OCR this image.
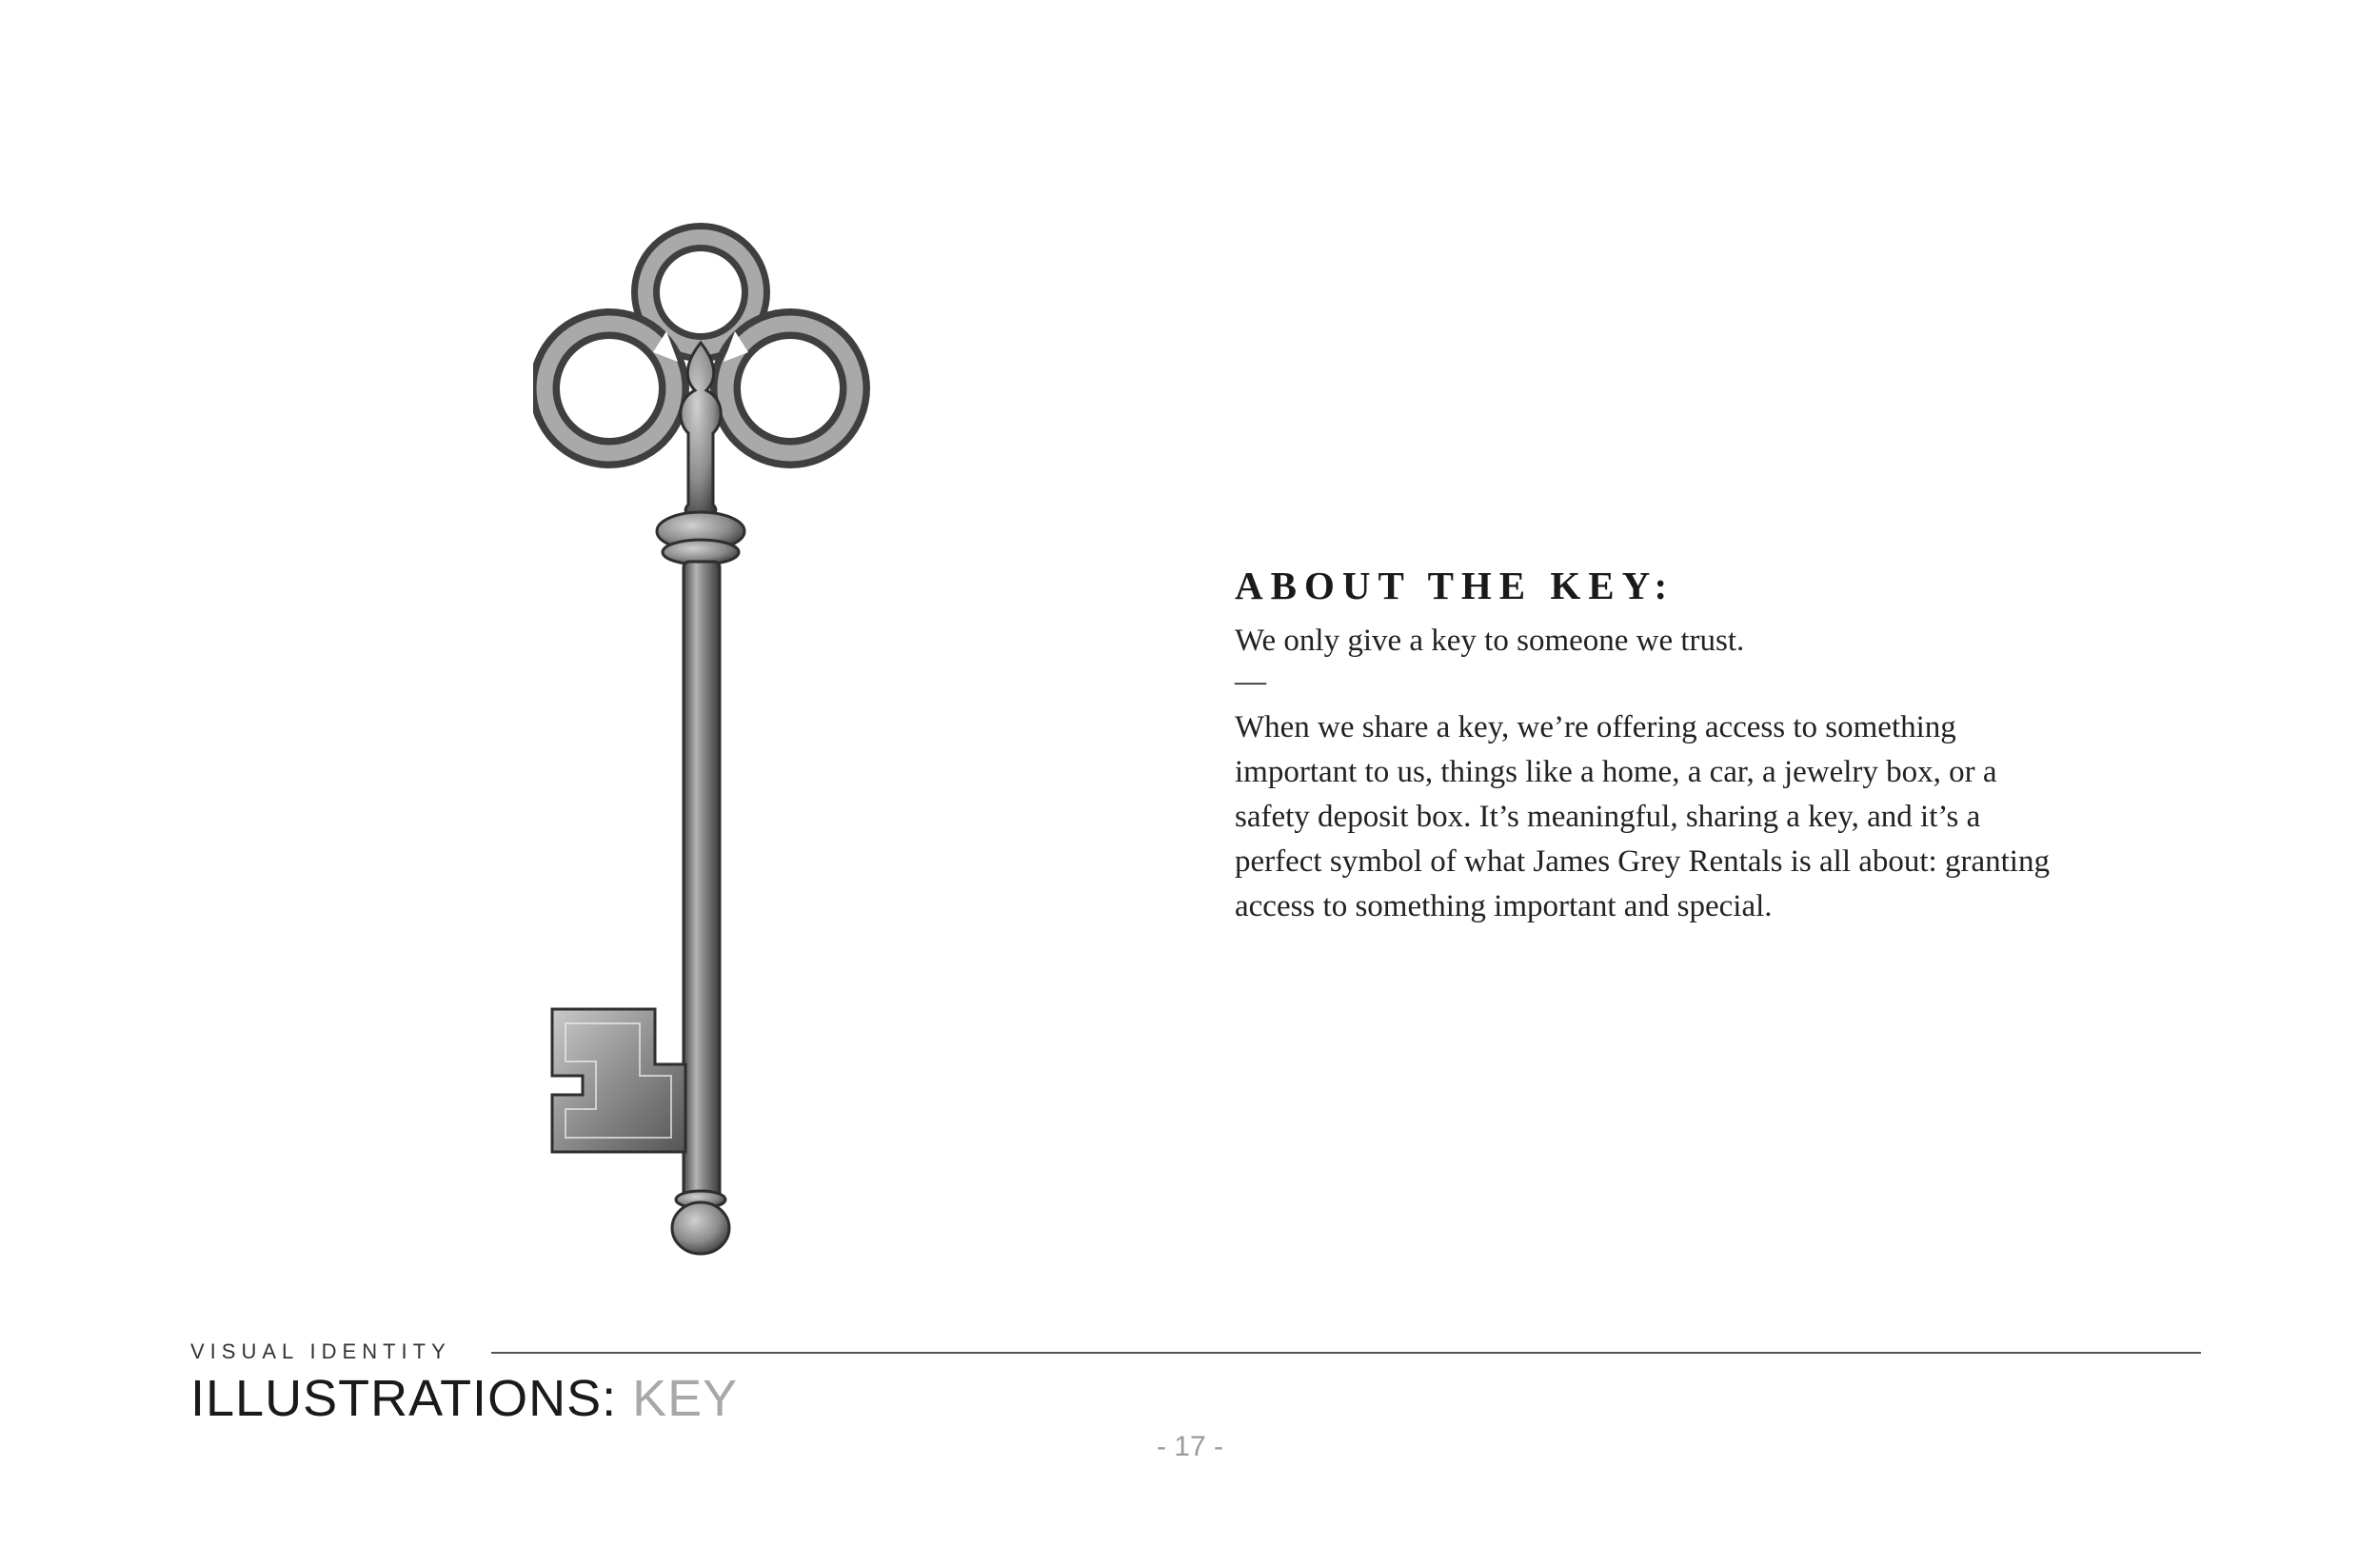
ABOUT THE KEY:

We only give a key to someone we trust.

—

When we share a key, we’re offering access to something important to us, things like a home, a car, a jewelry box, or a safety deposit box. It’s meaningful, sharing a key, and it’s a perfect symbol of what James Grey Rentals is all about: granting access to something important and special.

VISUAL IDENTITY
ILLUSTRATIONS: KEY
- 17 -
